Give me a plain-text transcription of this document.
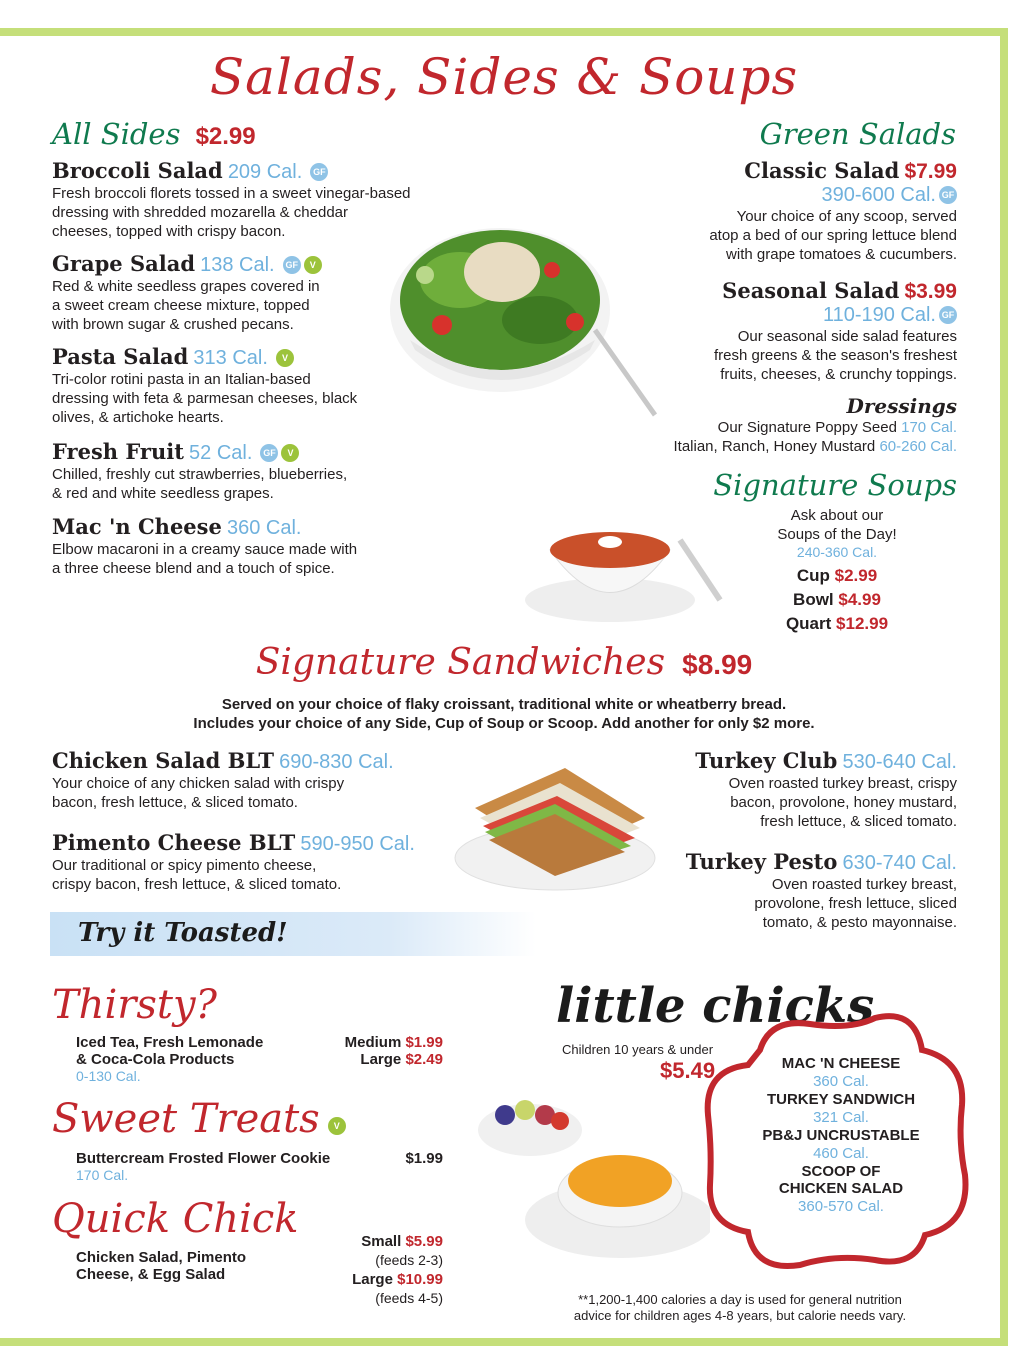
Salads, Sides & Soups
All Sides $2.99
Broccoli Salad 209 Cal. GF
Fresh broccoli florets tossed in a sweet vinegar-based
dressing with shredded mozarella & cheddar
cheeses, topped with crispy bacon.
Grape Salad 138 Cal. GF V
Red & white seedless grapes covered in
a sweet cream cheese mixture, topped
with brown sugar & crushed pecans.
Pasta Salad 313 Cal. V
Tri-color rotini pasta in an Italian-based
dressing with feta & parmesan cheeses, black
olives, & artichoke hearts.
Fresh Fruit 52 Cal. GF V
Chilled, freshly cut strawberries, blueberries,
& red and white seedless grapes.
Mac 'n Cheese 360 Cal.
Elbow macaroni in a creamy sauce made with
a three cheese blend and a touch of spice.
Green Salads
Classic Salad $7.99
390-600 Cal. GF
Your choice of any scoop, served
atop a bed of our spring lettuce blend
with grape tomatoes & cucumbers.
Seasonal Salad $3.99
110-190 Cal. GF
Our seasonal side salad features
fresh greens & the season's freshest
fruits, cheeses, & crunchy toppings.
Dressings
Our Signature Poppy Seed 170 Cal.
Italian, Ranch, Honey Mustard 60-260 Cal.
Signature Soups
Ask about our
Soups of the Day!
240-360 Cal.
Cup $2.99
Bowl $4.99
Quart $12.99
Signature Sandwiches $8.99
Served on your choice of flaky croissant, traditional white or wheatberry bread.
Includes your choice of any Side, Cup of Soup or Scoop. Add another for only $2 more.
Chicken Salad BLT 690-830 Cal.
Your choice of any chicken salad with crispy
bacon, fresh lettuce, & sliced tomato.
Pimento Cheese BLT 590-950 Cal.
Our traditional or spicy pimento cheese,
crispy bacon, fresh lettuce, & sliced tomato.
Turkey Club 530-640 Cal.
Oven roasted turkey breast, crispy
bacon, provolone, honey mustard,
fresh lettuce, & sliced tomato.
Turkey Pesto 630-740 Cal.
Oven roasted turkey breast,
provolone, fresh lettuce, sliced
tomato, & pesto mayonnaise.
Try it Toasted!
Thirsty?
Iced Tea, Fresh Lemonade
& Coca-Cola Products
0-130 Cal.
Medium $1.99
Large $2.49
Sweet Treats V
Buttercream Frosted Flower Cookie
170 Cal.
$1.99
Quick Chick
Chicken Salad, Pimento
Cheese, & Egg Salad
Small $5.99
(feeds 2-3)
Large $10.99
(feeds 4-5)
little chicks
Children 10 years & under
$5.49	MAC 'N CHEESE
360 Cal.
TURKEY SANDWICH
321 Cal.
PB&J UNCRUSTABLE
460 Cal.
SCOOP OF
CHICKEN SALAD
360-570 Cal.
**1,200-1,400 calories a day is used for general nutrition
advice for children ages 4-8 years, but calorie needs vary.
